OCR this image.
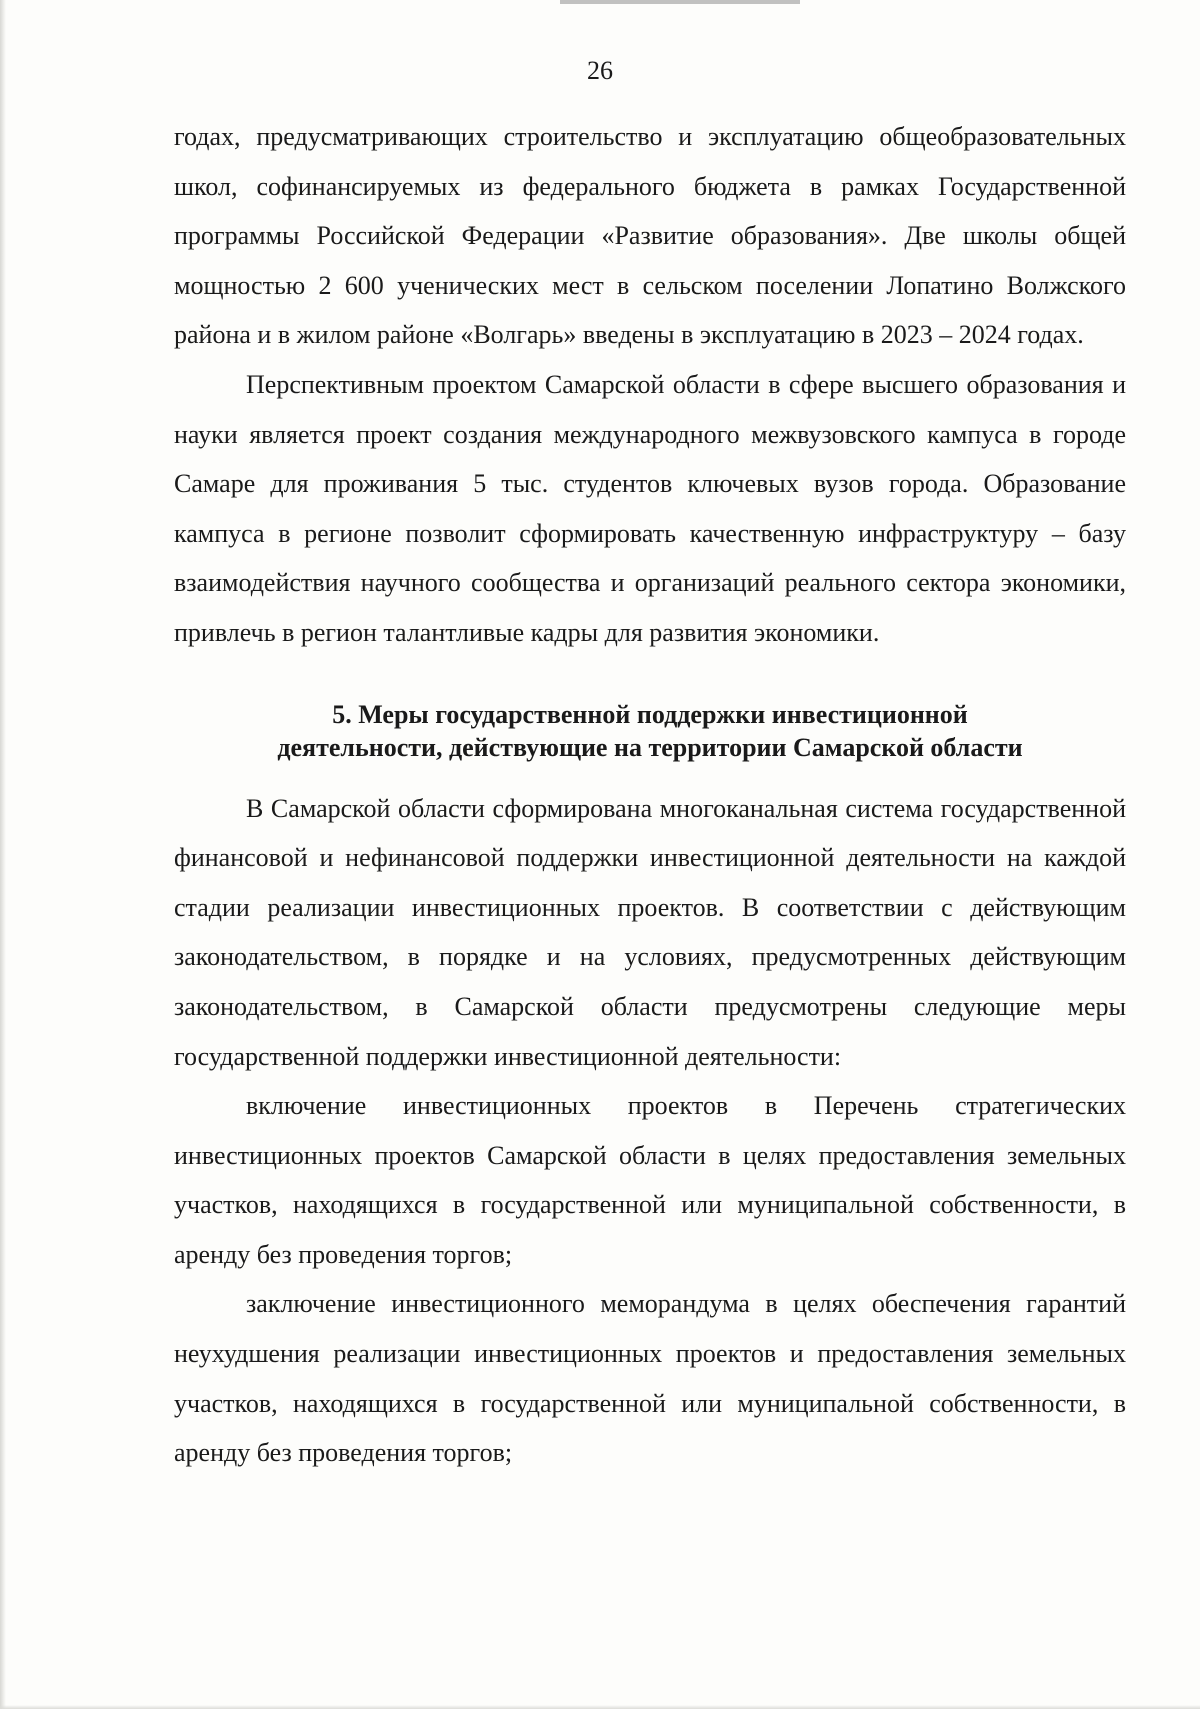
26

годах, предусматривающих строительство и эксплуатацию общеобразовательных школ, софинансируемых из федерального бюджета в рамках Государственной программы Российской Федерации «Развитие образования». Две школы общей мощностью 2 600 ученических мест в сельском поселении Лопатино Волжского района и в жилом районе «Волгарь» введены в эксплуатацию в 2023 – 2024 годах.

Перспективным проектом Самарской области в сфере высшего образования и науки является проект создания международного межвузовского кампуса в городе Самаре для проживания 5 тыс. студентов ключевых вузов города. Образование кампуса в регионе позволит сформировать качественную инфраструктуру – базу взаимодействия научного сообщества и организаций реального сектора экономики, привлечь в регион талантливые кадры для развития экономики.

5. Меры государственной поддержки инвестиционной
деятельности, действующие на территории Самарской области

В Самарской области сформирована многоканальная система государственной финансовой и нефинансовой поддержки инвестиционной деятельности на каждой стадии реализации инвестиционных проектов. В соответствии с действующим законодательством, в порядке и на условиях, предусмотренных действующим законодательством, в Самарской области предусмотрены следующие меры государственной поддержки инвестиционной деятельности:

включение инвестиционных проектов в Перечень стратегических инвестиционных проектов Самарской области в целях предоставления земельных участков, находящихся в государственной или муниципальной собственности, в аренду без проведения торгов;

заключение инвестиционного меморандума в целях обеспечения гарантий неухудшения реализации инвестиционных проектов и предоставления земельных участков, находящихся в государственной или муниципальной собственности, в аренду без проведения торгов;
